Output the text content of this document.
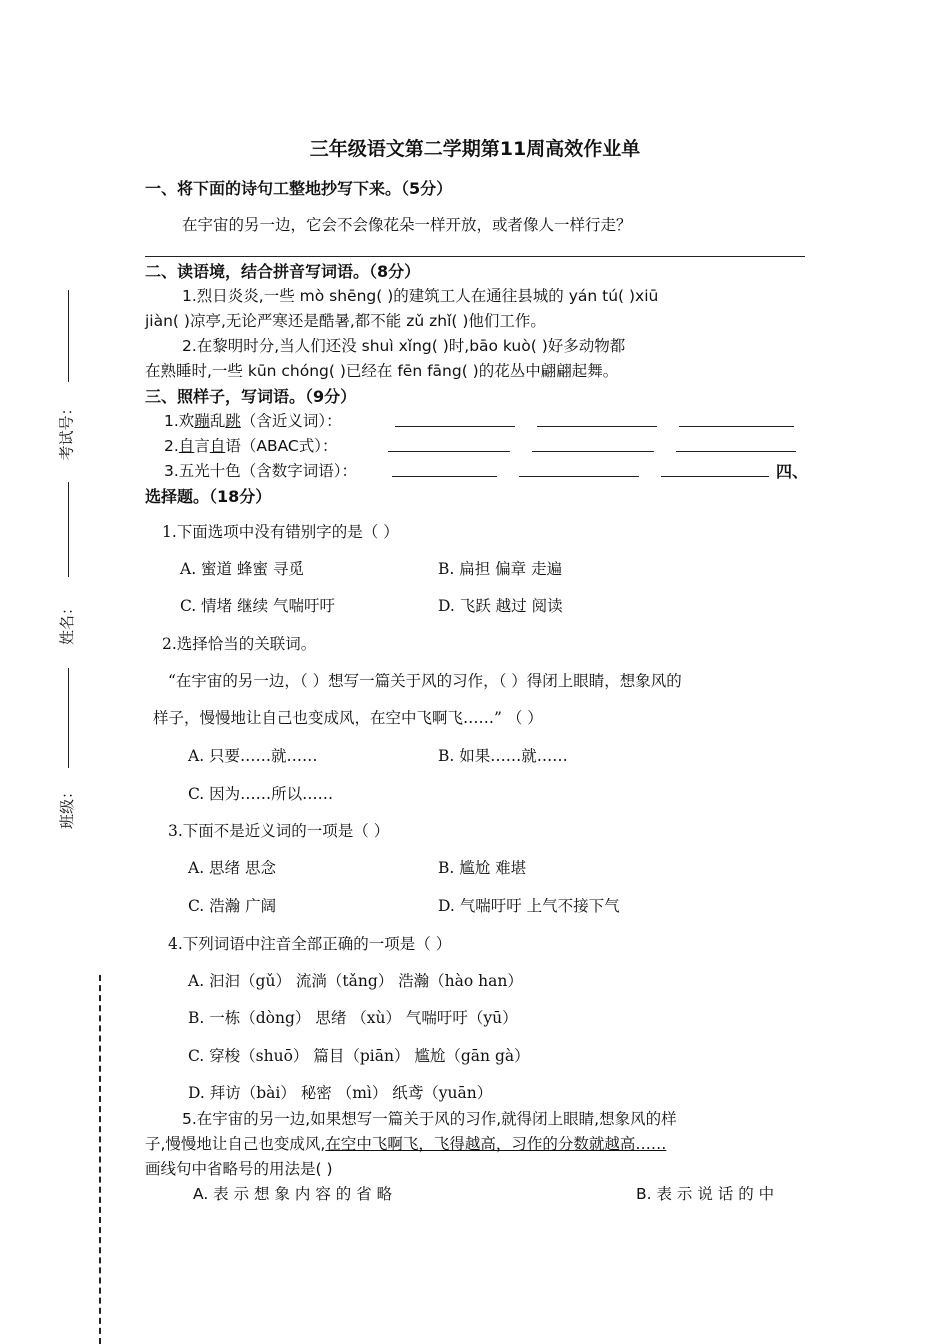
考试号：
姓名：
班级：
三年级语文第二学期第11周高效作业单
一、将下面的诗句工整地抄写下来。（5分）
在宇宙的另一边，它会不会像花朵一样开放，或者像人一样行走？
二、读语境，结合拼音写词语。（8分）
1.烈日炎炎,一些 mò shēng( )的建筑工人在通往县城的 yán tú( )xiū
jiàn( )凉亭,无论严寒还是酷暑,都不能 zǔ zhǐ( )他们工作。
2.在黎明时分,当人们还没 shuì xǐng( )时,bāo kuò( )好多动物都
在熟睡时,一些 kūn chóng( )已经在 fēn fāng( )的花丛中翩翩起舞。
三、照样子，写词语。（9分）
1.欢蹦乱跳（含近义词）：
2.自言自语（ABAC式）：
3.五光十色（含数字词语）：	四、
选择题。（18分）
1.下面选项中没有错别字的是（ ）
A. 蜜道 蜂蜜 寻觅	B. 扁担 偏章 走遍
C. 情堵 继续 气喘吁吁	D. 飞跃 越过 阅读
2.选择恰当的关联词。
“在宇宙的另一边，（ ）想写一篇关于风的习作，（ ）得闭上眼睛，想象风的
样子，慢慢地让自己也变成风，在空中飞啊飞……” （ ）
A. 只要……就……	B. 如果……就……
C. 因为……所以……
3.下面不是近义词的一项是（ ）
A. 思绪 思念	B. 尴尬 难堪
C. 浩瀚 广阔	D. 气喘吁吁 上气不接下气
4.下列词语中注音全部正确的一项是（ ）
A. 汩汩（gǔ） 流淌（tǎng） 浩瀚（hào han）
B. 一栋（dòng） 思绪 （xù） 气喘吁吁（yū）
C. 穿梭（shuō） 篇目（piān） 尴尬（gān gà）
D. 拜访（bài） 秘密 （mì） 纸鸢（yuān）
5.在宇宙的另一边,如果想写一篇关于风的习作,就得闭上眼睛,想象风的样
子,慢慢地让自己也变成风,在空中飞啊飞，飞得越高，习作的分数就越高……
画线句中省略号的用法是( )
A. 表 示 想 象 内 容 的 省 略	B. 表 示 说 话 的 中
